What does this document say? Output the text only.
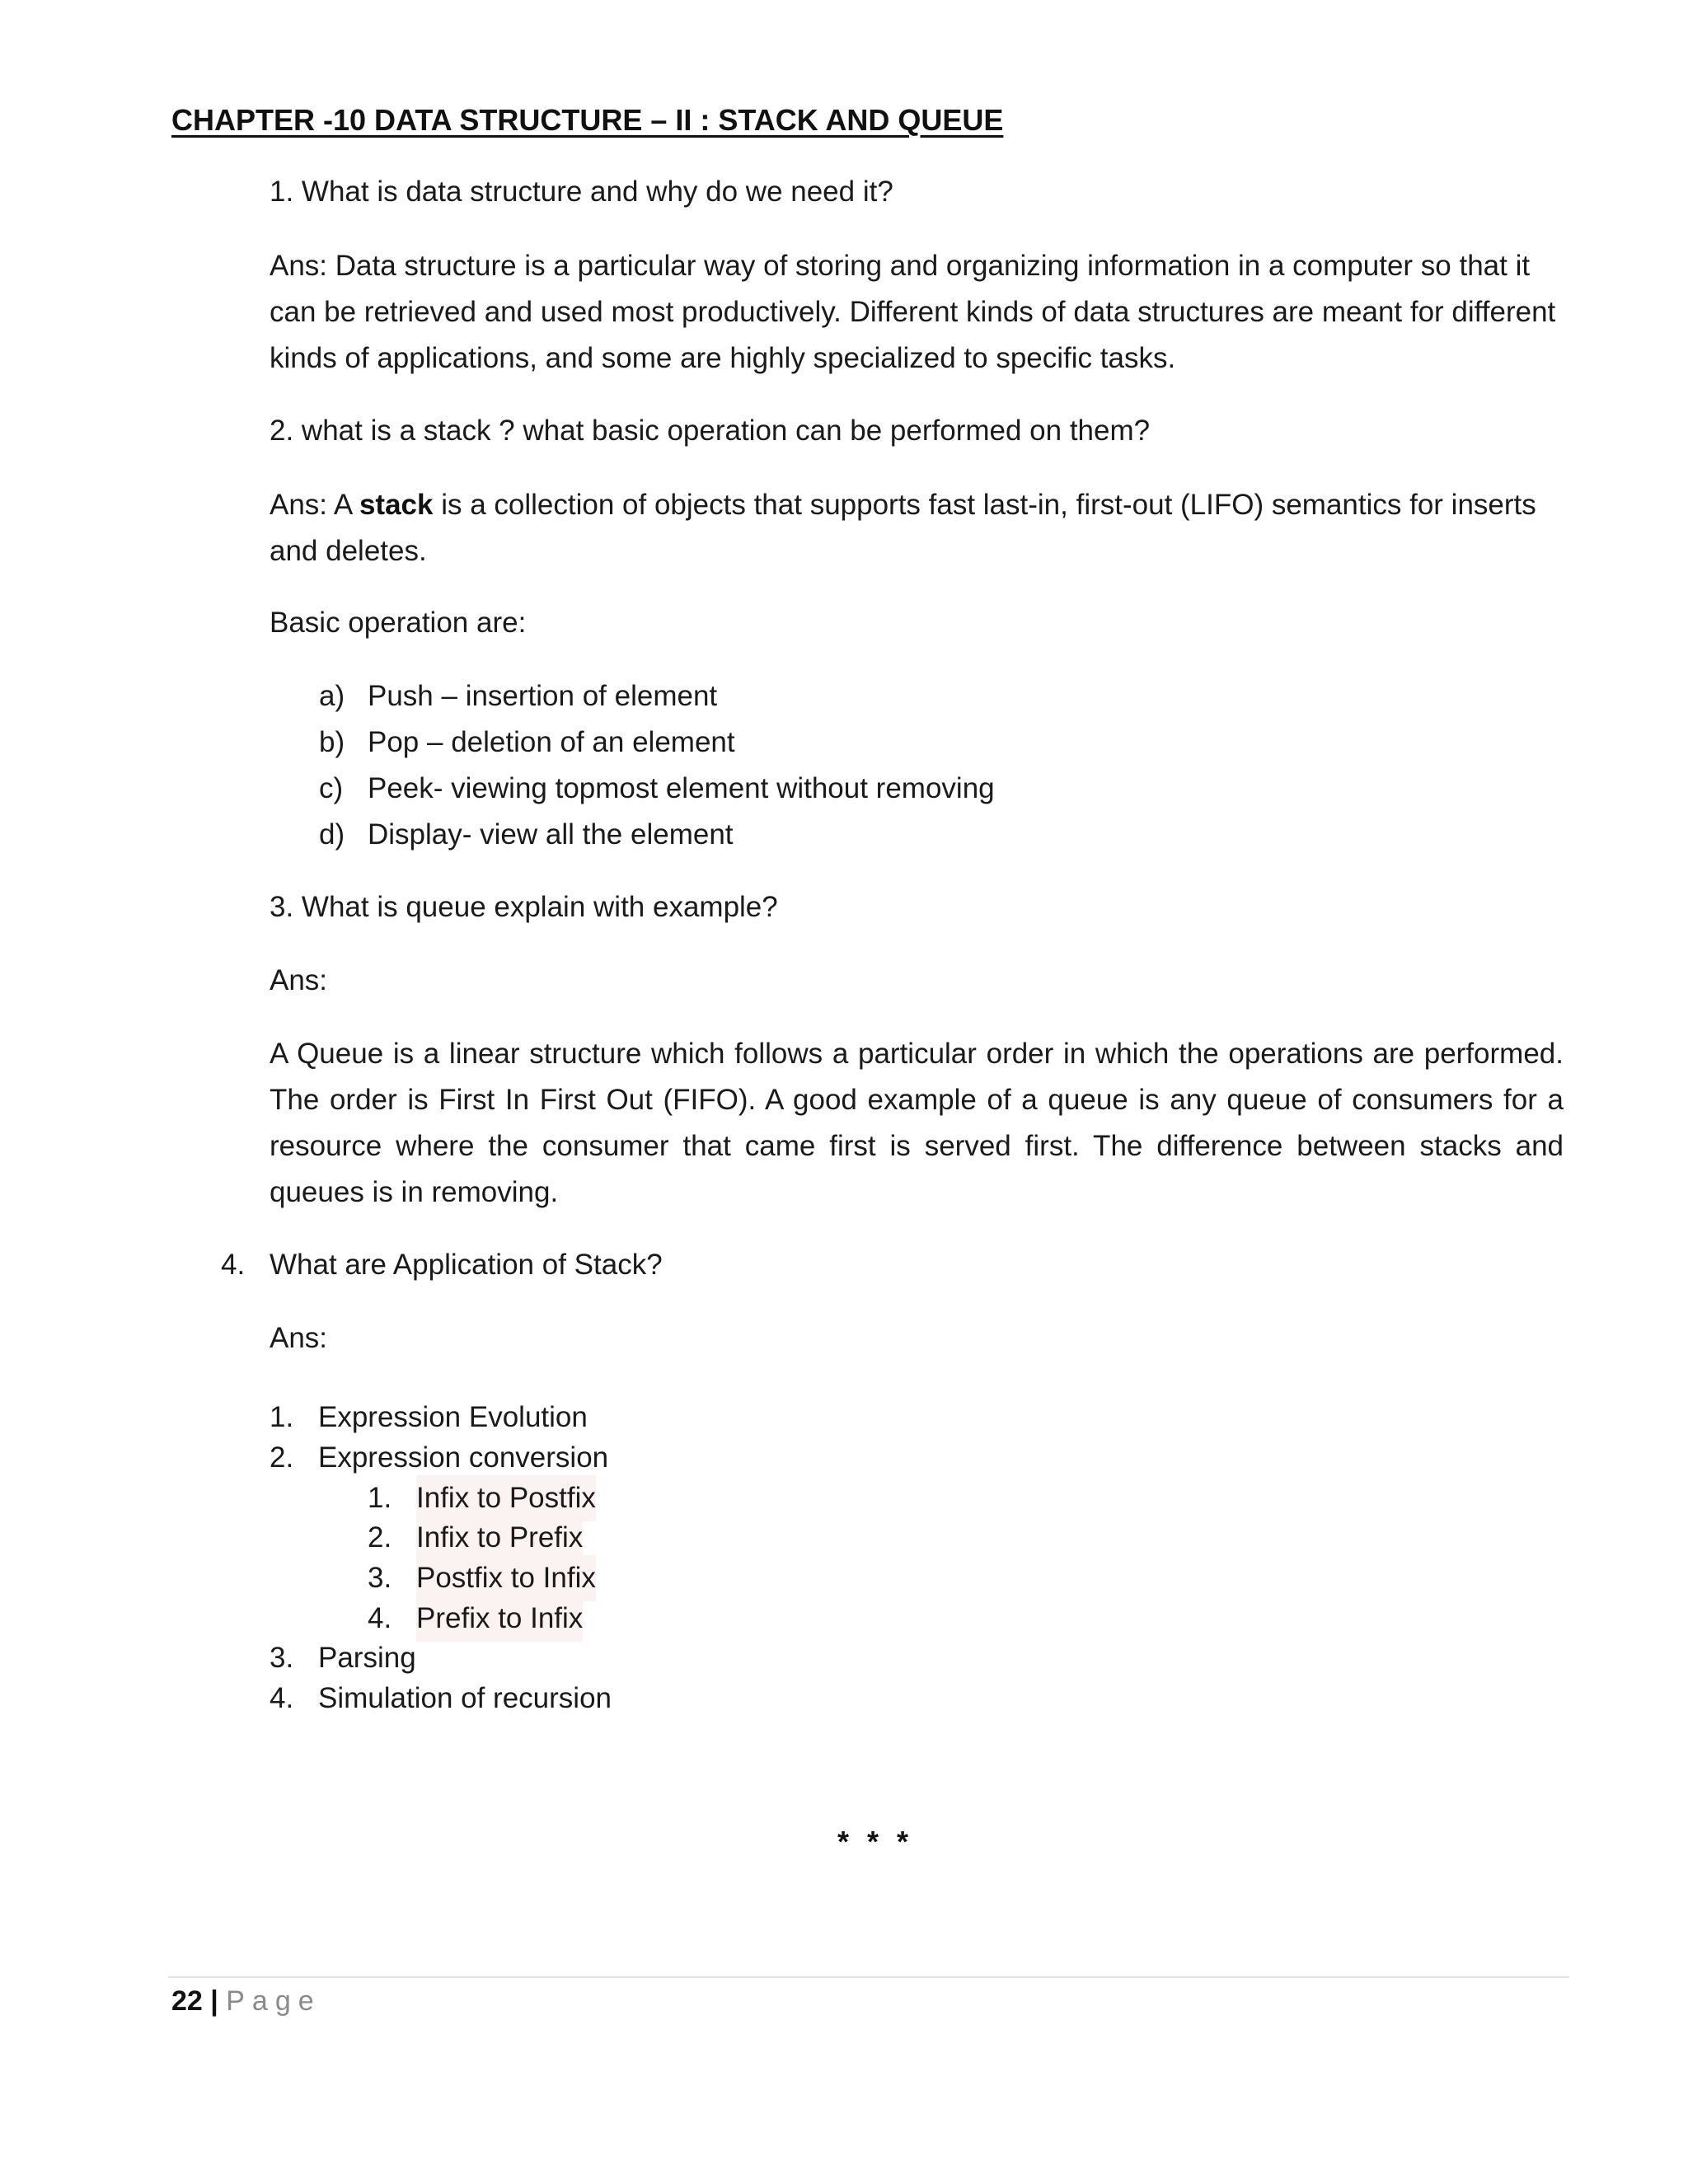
CHAPTER -10 DATA STRUCTURE – II : STACK AND QUEUE
1. What is data structure and why do we need it?
Ans: Data structure is a particular way of storing and organizing information in a computer so that it can be retrieved and used most productively. Different kinds of data structures are meant for different kinds of applications, and some are highly specialized to specific tasks.
2. what is a stack ? what basic operation can be performed on them?
Ans: A stack is a collection of objects that supports fast last-in, first-out (LIFO) semantics for inserts and deletes.
Basic operation are:
a) Push – insertion of element
b) Pop – deletion of an element
c) Peek- viewing topmost element without removing
d) Display- view all the element
3. What is queue explain with example?
Ans:
A Queue is a linear structure which follows a particular order in which the operations are performed. The order is First In First Out (FIFO). A good example of a queue is any queue of consumers for a resource where the consumer that came first is served first. The difference between stacks and queues is in removing.
4. What are Application of Stack?
Ans:
1. Expression Evolution
2. Expression conversion
1. Infix to Postfix
2. Infix to Prefix
3. Postfix to Infix
4. Prefix to Infix
3. Parsing
4. Simulation of recursion
* * *
22 | Page
